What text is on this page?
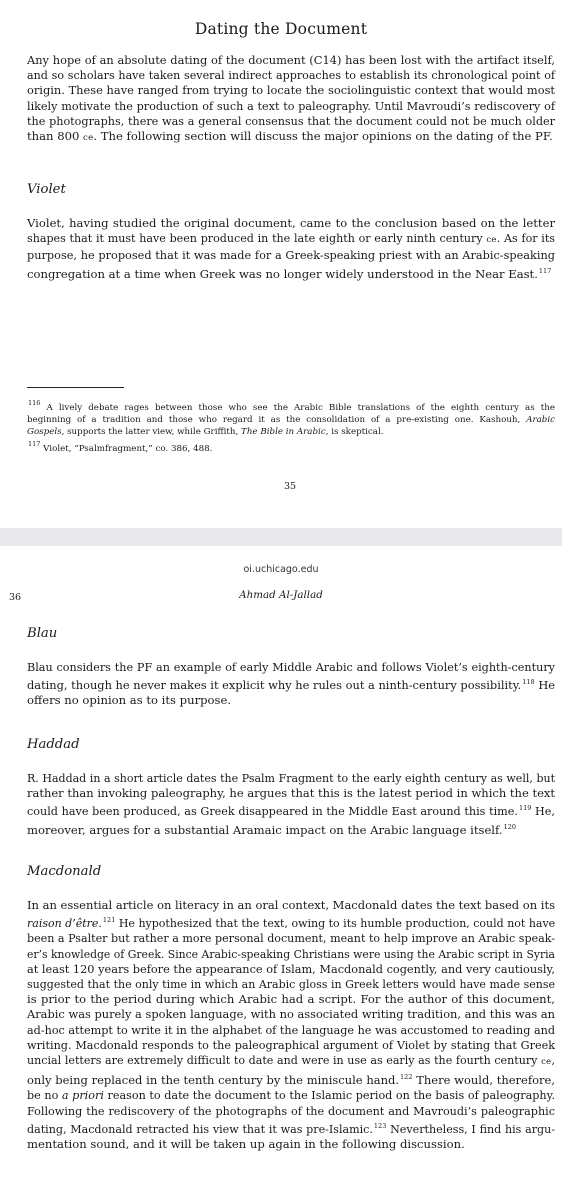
Dating the Document
Any hope of an absolute dating of the document (C14) has been lost with the artifact itself,
and so scholars have taken several indirect approaches to establish its chronological point of
origin. These have ranged from trying to locate the sociolinguistic context that would most
likely motivate the production of such a text to paleography. Until Mavroudi’s rediscovery of
the photographs, there was a general consensus that the document could not be much older
than 800 ce. The following section will discuss the major opinions on the dating of the PF.
Violet
Violet, having studied the original document, came to the conclusion based on the letter
shapes that it must have been produced in the late eighth or early ninth century ce. As for its
purpose, he proposed that it was made for a Greek-speaking priest with an Arabic-speaking
congregation at a time when Greek was no longer widely understood in the Near East.$^{117}$
$^{116}$ A lively debate rages between those who see the Arabic Bible translations of the eighth century as the
beginning of a tradition and those who regard it as the consolidation of a pre-existing one. Kashouh, Arabic
Gospels, supports the latter view, while Griffith, The Bible in Arabic, is skeptical.
$^{117}$ Violet, “Psalmfragment,” co. 386, 488.
35
oi.uchicago.edu
36	Ahmad Al-Jallad
Blau
Blau considers the PF an example of early Middle Arabic and follows Violet’s eighth-century
dating, though he never makes it explicit why he rules out a ninth-century possibility.$^{118}$ He
offers no opinion as to its purpose.
Haddad
R. Haddad in a short article dates the Psalm Fragment to the early eighth century as well, but
rather than invoking paleography, he argues that this is the latest period in which the text
could have been produced, as Greek disappeared in the Middle East around this time.$^{119}$ He,
moreover, argues for a substantial Aramaic impact on the Arabic language itself.$^{120}$
Macdonald
In an essential article on literacy in an oral context, Macdonald dates the text based on its
raison d’être.$^{121}$ He hypothesized that the text, owing to its humble production, could not have
been a Psalter but rather a more personal document, meant to help improve an Arabic speak-
er’s knowledge of Greek. Since Arabic-speaking Christians were using the Arabic script in Syria
at least 120 years before the appearance of Islam, Macdonald cogently, and very cautiously,
suggested that the only time in which an Arabic gloss in Greek letters would have made sense
is prior to the period during which Arabic had a script. For the author of this document,
Arabic was purely a spoken language, with no associated writing tradition, and this was an
ad-hoc attempt to write it in the alphabet of the language he was accustomed to reading and
writing. Macdonald responds to the paleographical argument of Violet by stating that Greek
uncial letters are extremely difficult to date and were in use as early as the fourth century ce,
only being replaced in the tenth century by the miniscule hand.$^{122}$ There would, therefore,
be no a priori reason to date the document to the Islamic period on the basis of paleography.
Following the rediscovery of the photographs of the document and Mavroudi’s paleographic
dating, Macdonald retracted his view that it was pre-Islamic.$^{123}$ Nevertheless, I find his argu-
mentation sound, and it will be taken up again in the following discussion.
